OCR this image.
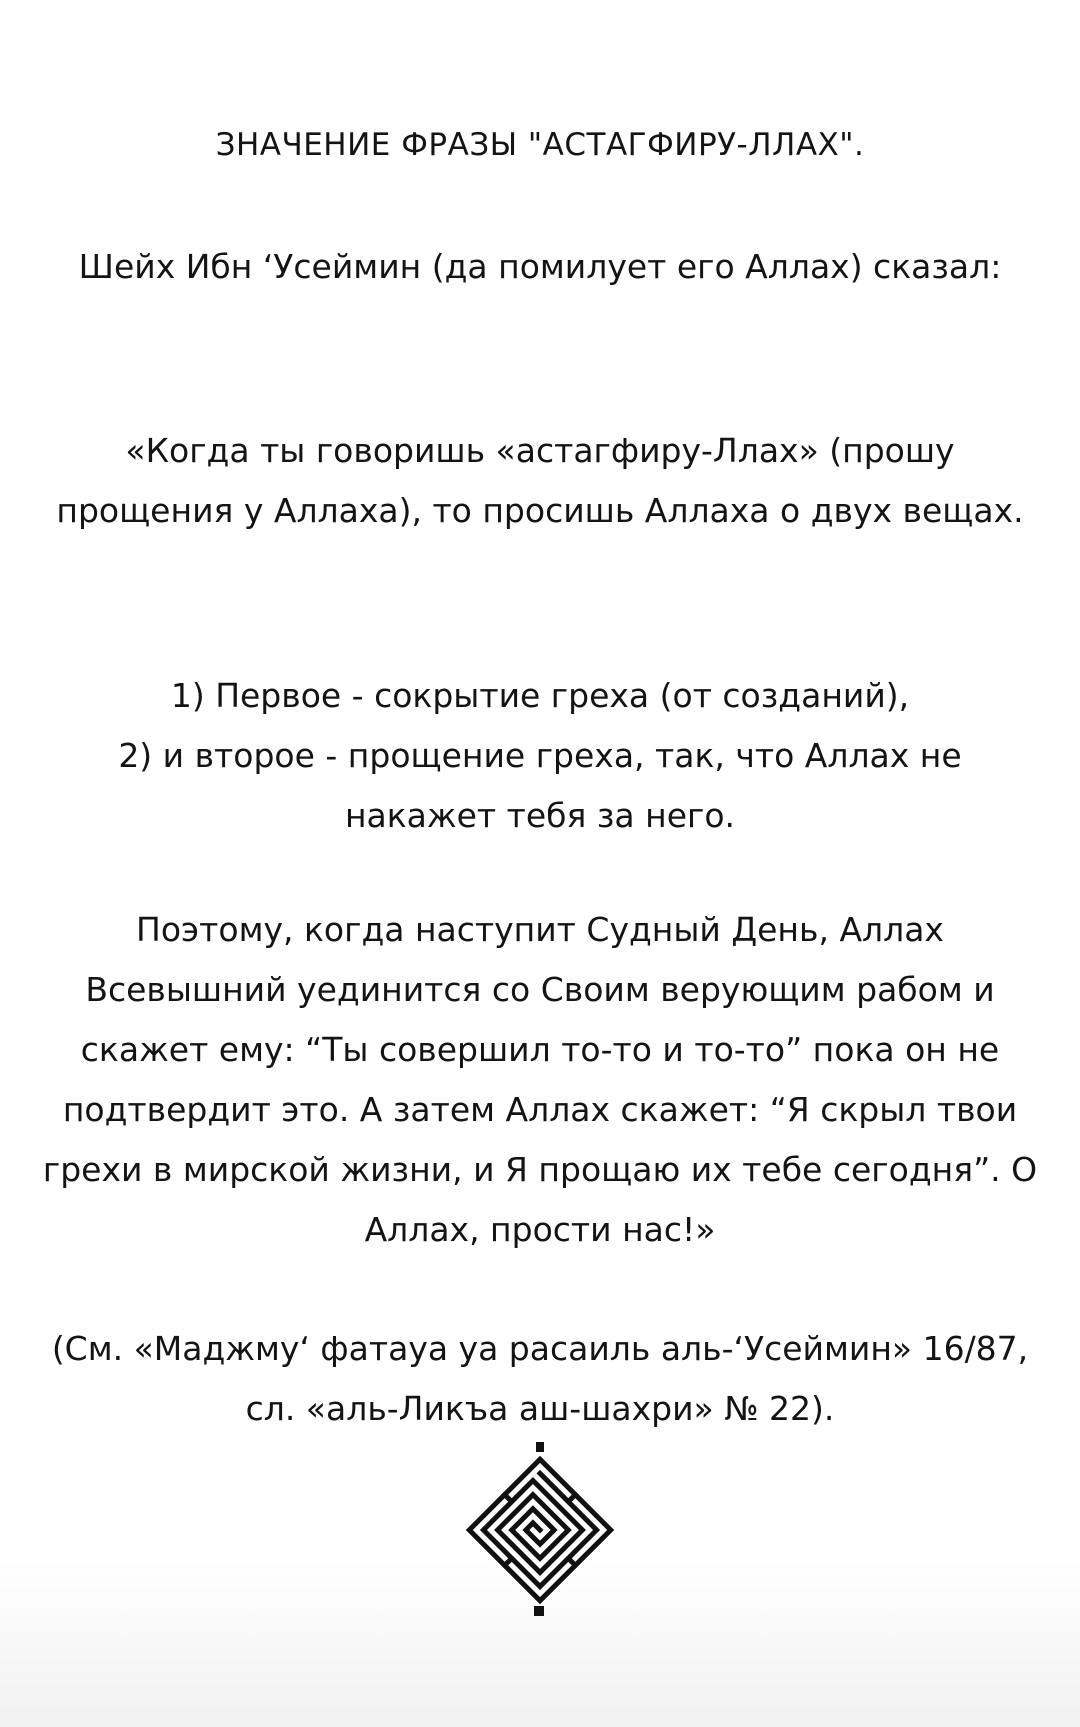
ЗНАЧЕНИЕ ФРАЗЫ "АСТАГФИРУ-ЛЛАХ".

Шейх Ибн ‘Усеймин (да помилует его Аллах) сказал:

«Когда ты говоришь «астагфиру-Ллах» (прошу прощения у Аллаха), то просишь Аллаха о двух вещах.

1) Первое - сокрытие греха (от созданий),

2) и второе - прощение греха, так, что Аллах не накажет тебя за него.

Поэтому, когда наступит Судный День, Аллах Всевышний уединится со Своим верующим рабом и скажет ему: “Ты совершил то-то и то-то” пока он не подтвердит это. А затем Аллах скажет: “Я скрыл твои грехи в мирской жизни, и Я прощаю их тебе сегодня”. О Аллах, прости нас!»

(См. «Маджму‘ фатауа уа расаиль аль-‘Усеймин» 16/87, сл. «аль-Ликъа аш-шахри» № 22).
